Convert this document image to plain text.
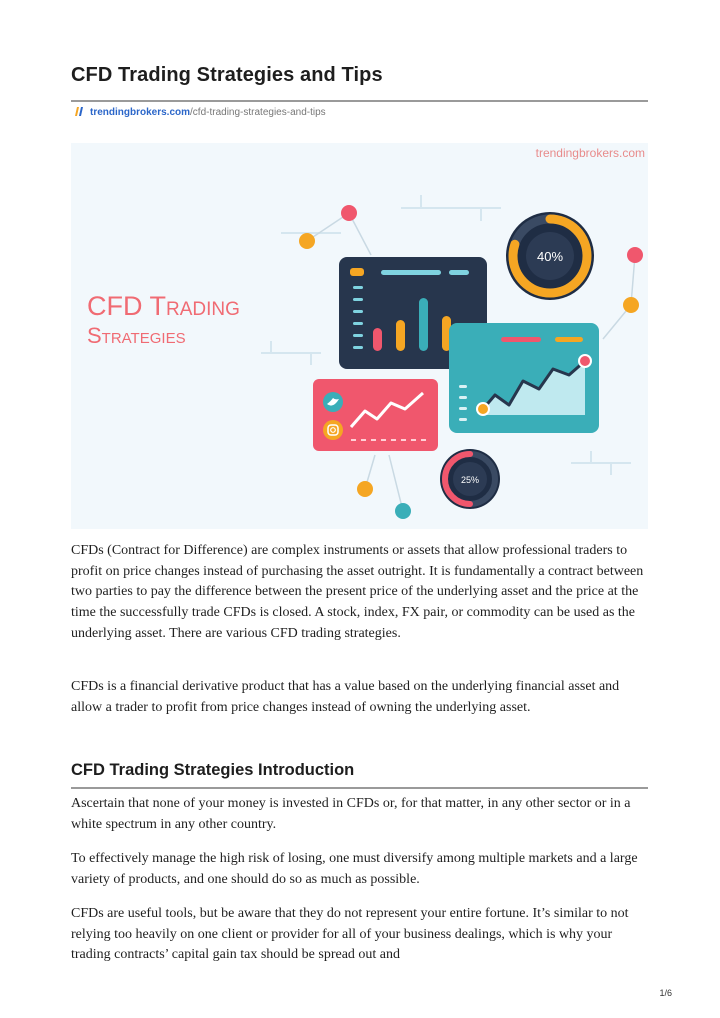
CFD Trading Strategies and Tips
trendingbrokers.com/cfd-trading-strategies-and-tips
trendingbrokers.com
CFD Trading
Strategies
40%
25%

CFDs (Contract for Difference) are complex instruments or assets that allow professional traders to profit on price changes instead of purchasing the asset outright. It is fundamentally a contract between two parties to pay the difference between the present price of the underlying asset and the price at the time the successfully trade CFDs is closed. A stock, index, FX pair, or commodity can be used as the underlying asset. There are various CFD trading strategies.

CFDs is a financial derivative product that has a value based on the underlying financial asset and allow a trader to profit from price changes instead of owning the underlying asset.

CFD Trading Strategies Introduction

Ascertain that none of your money is invested in CFDs or, for that matter, in any other sector or in a white spectrum in any other country.

To effectively manage the high risk of losing, one must diversify among multiple markets and a large variety of products, and one should do so as much as possible.

CFDs are useful tools, but be aware that they do not represent your entire fortune. It’s similar to not relying too heavily on one client or provider for all of your business dealings, which is why your trading contracts’ capital gain tax should be spread out and

1/6
